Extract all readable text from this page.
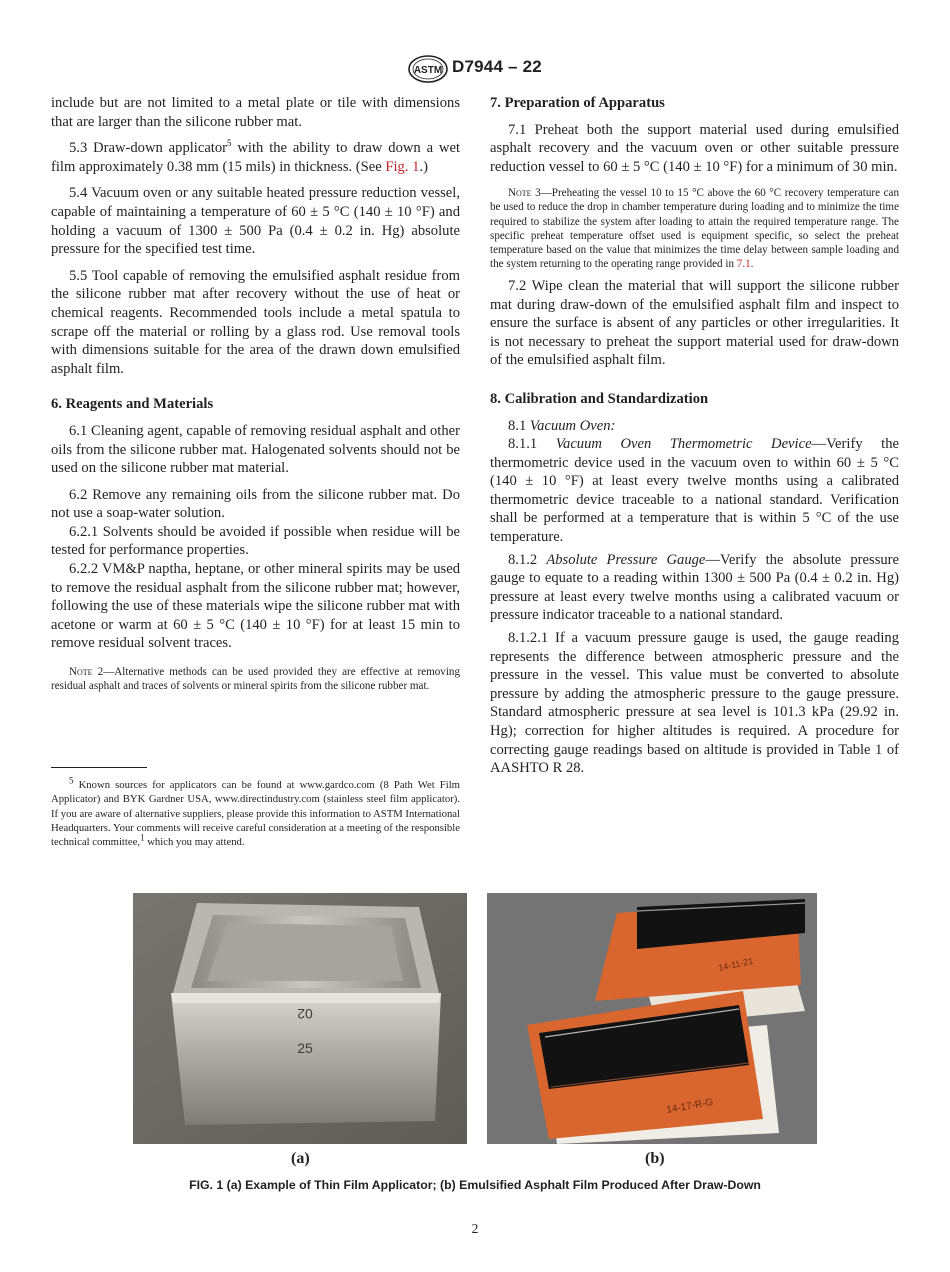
ASTM D7944 – 22

include but are not limited to a metal plate or tile with dimensions that are larger than the silicone rubber mat.

5.3 Draw-down applicator$^5$ with the ability to draw down a wet film approximately 0.38 mm (15 mils) in thickness. (See Fig. 1.)

5.4 Vacuum oven or any suitable heated pressure reduction vessel, capable of maintaining a temperature of 60 ± 5 °C (140 ± 10 °F) and holding a vacuum of 1300 ± 500 Pa (0.4 ± 0.2 in. Hg) absolute pressure for the specified test time.

5.5 Tool capable of removing the emulsified asphalt residue from the silicone rubber mat after recovery without the use of heat or chemical reagents. Recommended tools include a metal spatula to scrape off the material or rolling by a glass rod. Use removal tools with dimensions suitable for the area of the drawn down emulsified asphalt film.

6. Reagents and Materials

6.1 Cleaning agent, capable of removing residual asphalt and other oils from the silicone rubber mat. Halogenated solvents should not be used on the silicone rubber mat material.

6.2 Remove any remaining oils from the silicone rubber mat. Do not use a soap-water solution.

6.2.1 Solvents should be avoided if possible when residue will be tested for performance properties.

6.2.2 VM&P naptha, heptane, or other mineral spirits may be used to remove the residual asphalt from the silicone rubber mat; however, following the use of these materials wipe the silicone rubber mat with acetone or warm at 60 ± 5 °C (140 ± 10 °F) for at least 15 min to remove residual solvent traces.

Note 2—Alternative methods can be used provided they are effective at removing residual asphalt and traces of solvents or mineral spirits from the silicone rubber mat.

$^5$ Known sources for applicators can be found at www.gardco.com (8 Path Wet Film Applicator) and BYK Gardner USA, www.directindustry.com (stainless steel film applicator). If you are aware of alternative suppliers, please provide this information to ASTM International Headquarters. Your comments will receive careful consideration at a meeting of the responsible technical committee,$^1$ which you may attend.
7. Preparation of Apparatus

7.1 Preheat both the support material used during emulsified asphalt recovery and the vacuum oven or other suitable pressure reduction vessel to 60 ± 5 °C (140 ± 10 °F) for a minimum of 30 min.

Note 3—Preheating the vessel 10 to 15 °C above the 60 °C recovery temperature can be used to reduce the drop in chamber temperature during loading and to minimize the time required to stabilize the system after loading to attain the required temperature range. The specific preheat temperature offset used is equipment specific, so select the preheat temperature based on the value that minimizes the time delay between sample loading and the system returning to the operating range provided in 7.1.

7.2 Wipe clean the material that will support the silicone rubber mat during draw-down of the emulsified asphalt film and inspect to ensure the surface is absent of any particles or other irregularities. It is not necessary to preheat the support material used for draw-down of the emulsified asphalt film.

8. Calibration and Standardization

8.1 Vacuum Oven:

8.1.1 Vacuum Oven Thermometric Device—Verify the thermometric device used in the vacuum oven to within 60 ± 5 °C (140 ± 10 °F) at least every twelve months using a calibrated thermometric device traceable to a national standard. Verification shall be performed at a temperature that is within 5 °C of the use temperature.

8.1.2 Absolute Pressure Gauge—Verify the absolute pressure gauge to equate to a reading within 1300 ± 500 Pa (0.4 ± 0.2 in. Hg) pressure at least every twelve months using a calibrated vacuum or pressure indicator traceable to a national standard.

8.1.2.1 If a vacuum pressure gauge is used, the gauge reading represents the difference between atmospheric pressure and the pressure in the vessel. This value must be converted to absolute pressure by adding the atmospheric pressure to the gauge pressure. Standard atmospheric pressure at sea level is 101.3 kPa (29.92 in. Hg); correction for higher altitudes is required. A procedure for correcting gauge readings based on altitude is provided in Table 1 of AASHTO R 28.

02
25
14-11-21
14-17-R-G
(a)	(b)
FIG. 1 (a) Example of Thin Film Applicator; (b) Emulsified Asphalt Film Produced After Draw-Down
2
